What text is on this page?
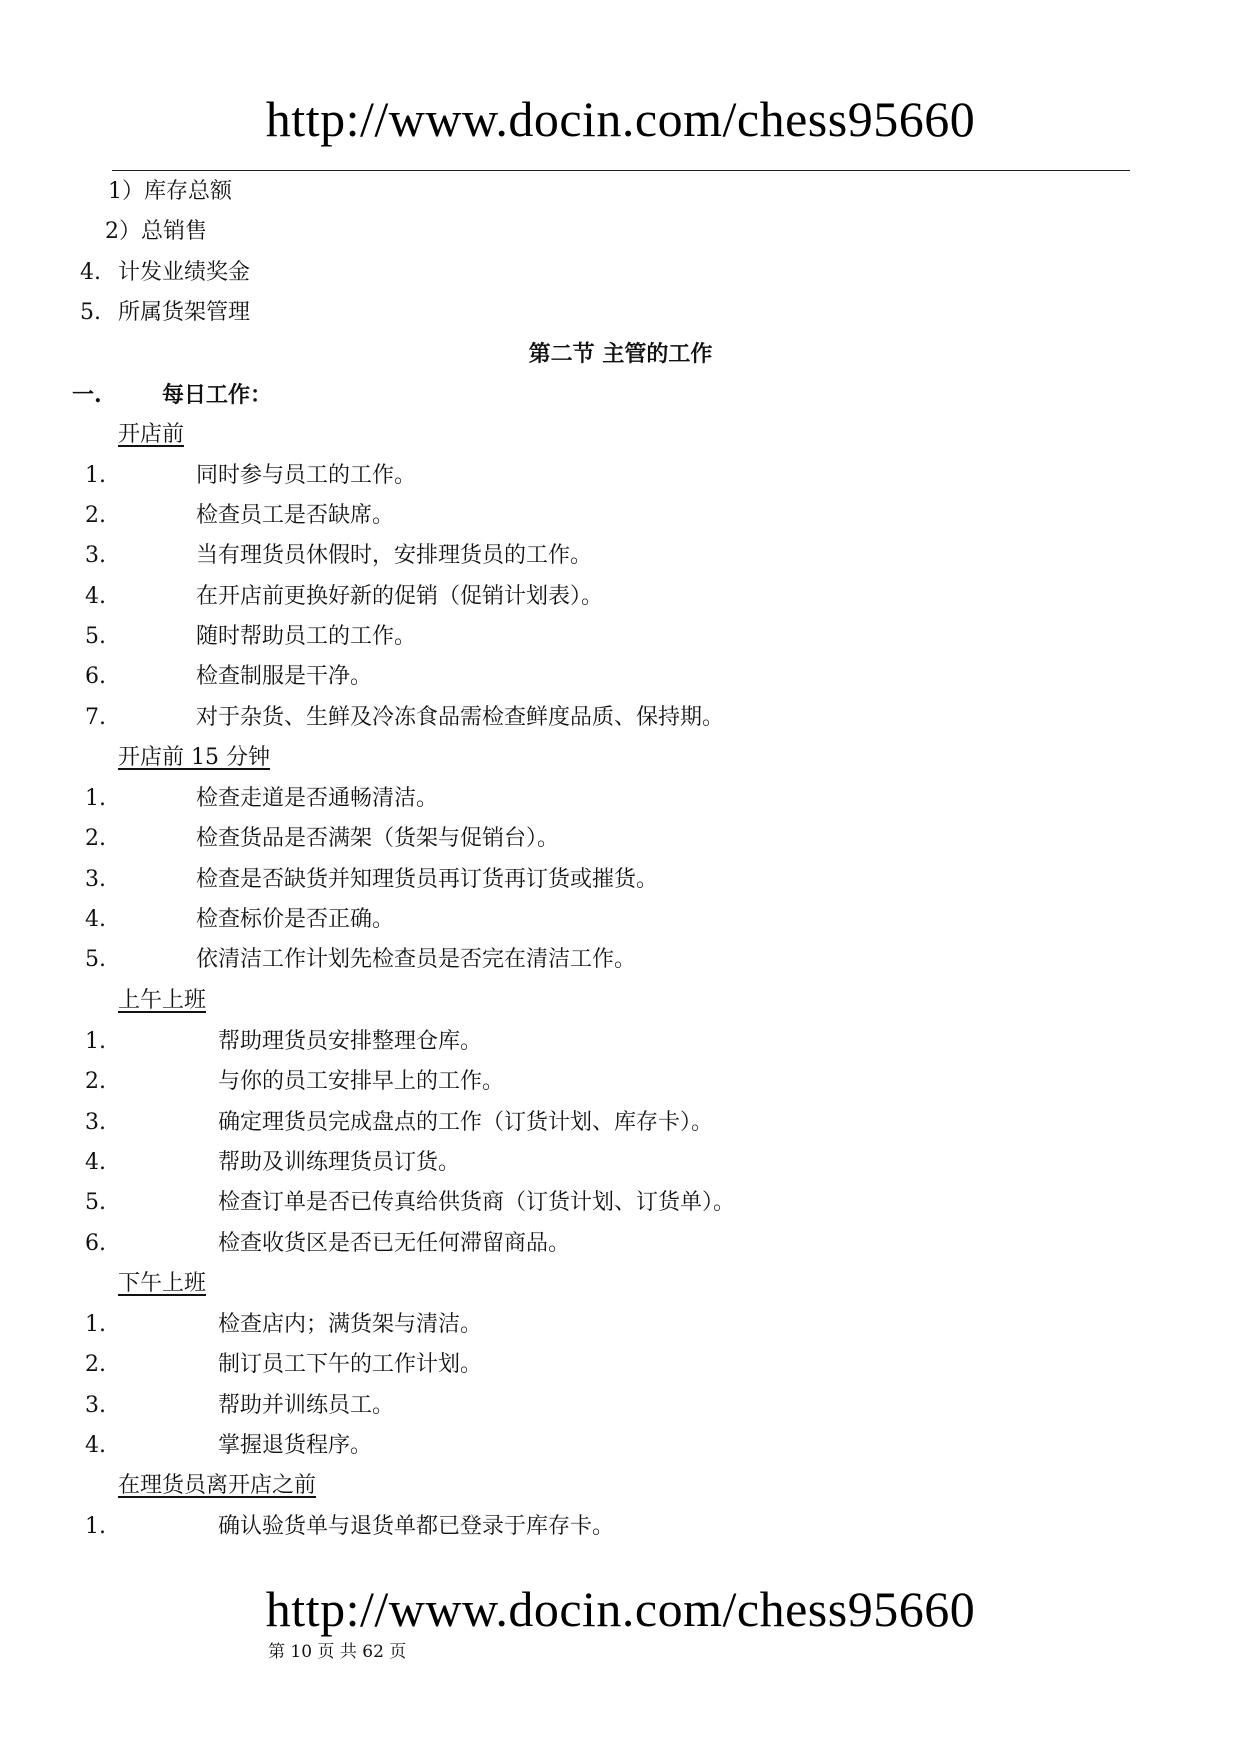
http://www.docin.com/chess95660
1）库存总额
2）总销售
4. 计发业绩奖金
5. 所属货架管理
第二节 主管的工作
一.	每日工作：
开店前
1.	同时参与员工的工作。
2.	检查员工是否缺席。
3.	当有理货员休假时，安排理货员的工作。
4.	在开店前更换好新的促销（促销计划表）。
5.	随时帮助员工的工作。
6.	检查制服是干净。
7.	对于杂货、生鲜及冷冻食品需检查鲜度品质、保持期。
开店前 15 分钟
1.	检查走道是否通畅清洁。
2.	检查货品是否满架（货架与促销台）。
3.	检查是否缺货并知理货员再订货再订货或摧货。
4.	检查标价是否正确。
5.	依清洁工作计划先检查员是否完在清洁工作。
上午上班
1.	帮助理货员安排整理仓库。
2.	与你的员工安排早上的工作。
3.	确定理货员完成盘点的工作（订货计划、库存卡）。
4.	帮助及训练理货员订货。
5.	检查订单是否已传真给供货商（订货计划、订货单）。
6.	检查收货区是否已无任何滞留商品。
下午上班
1.	检查店内；满货架与清洁。
2.	制订员工下午的工作计划。
3.	帮助并训练员工。
4.	掌握退货程序。
在理货员离开店之前
1.	确认验货单与退货单都已登录于库存卡。
http://www.docin.com/chess95660
第 10 页 共 62 页
